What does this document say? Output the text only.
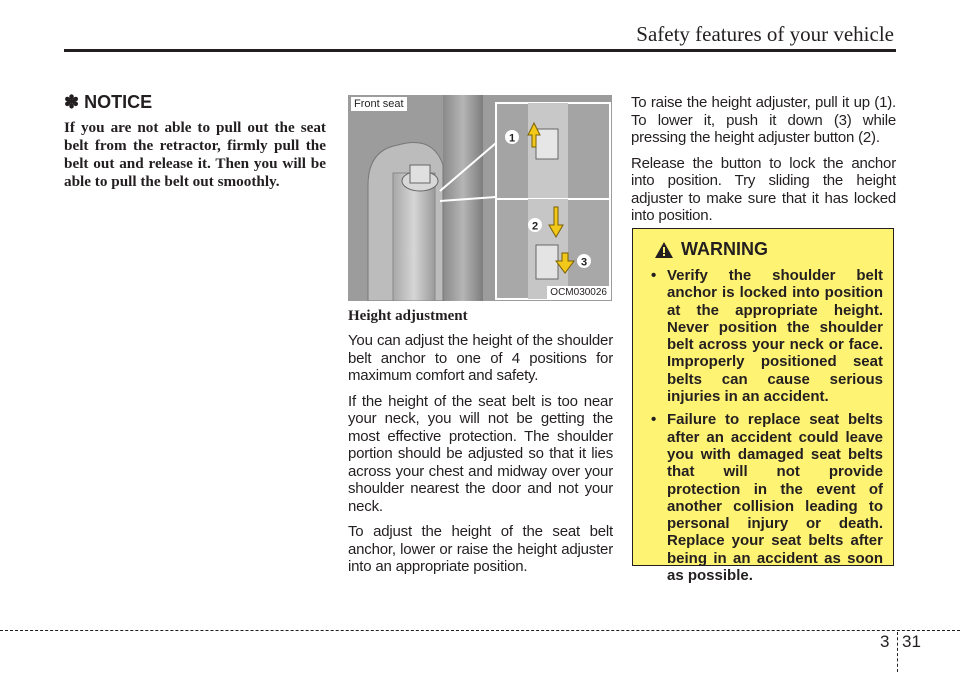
Safety features of your vehicle
✽ NOTICE

If you are not able to pull out the seat belt from the retractor, firmly pull the belt out and release it. Then you will be able to pull the belt out smoothly.

1
2
3
Front seat
OCM030026

Height adjustment

You can adjust the height of the shoulder belt anchor to one of 4 positions for maximum comfort and safety.

If the height of the seat belt is too near your neck, you will not be getting the most effective protection. The shoulder portion should be adjusted so that it lies across your chest and midway over your shoulder nearest the door and not your neck.

To adjust the height of the seat belt anchor, lower or raise the height adjuster into an appropriate position.

To raise the height adjuster, pull it up (1). To lower it, push it down (3) while pressing the height adjuster button (2).

Release the button to lock the anchor into position. Try sliding the height adjuster to make sure that it has locked into position.

WARNING
• Verify the shoulder belt anchor is locked into position at the appropriate height. Never position the shoulder belt across your neck or face. Improperly positioned seat belts can cause serious injuries in an accident.
• Failure to replace seat belts after an accident could leave you with damaged seat belts that will not provide protection in the event of another collision leading to personal injury or death. Replace your seat belts after being in an accident as soon as possible.
3 31
